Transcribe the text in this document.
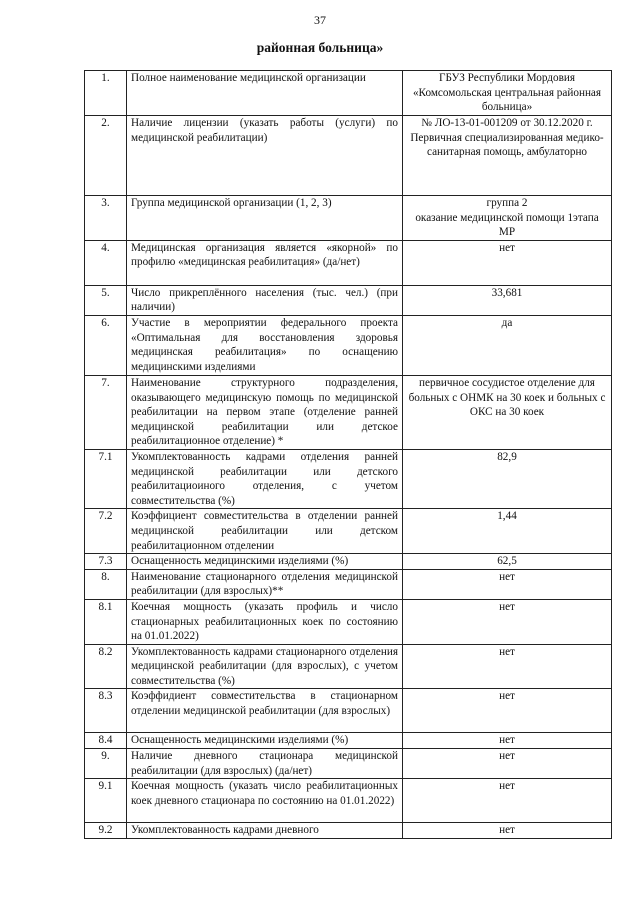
37
районная больница»
1.	Полное наименование медицинской организации	ГБУЗ Республики Мордовия «Комсомольская центральная районная больница»

2.	Наличие лицензии (указать работы (услуги) по медицинской реабилитации)	№ ЛО-13-01-001209 от 30.12.2020 г.
Первичная специализированная медико-санитарная помощь, амбулаторно

3.	Группа медицинской организации (1, 2, 3)	группа 2
оказание медицинской помощи 1этапа МР

4.	Медицинская организация является «якорной» по профилю «медицинская реабилитация» (да/нет)	нет

5.	Число прикреплённого населения (тыс. чел.) (при наличии)	33,681

6.	Участие в мероприятии федерального проекта «Оптимальная для восстановления здоровья медицинская реабилитация» по оснащению медицинскими изделиями	да

7.	Наименование структурного подразделения, оказывающего медицинскую помощь по медицинской реабилитации на первом этапе (отделение ранней медицинской реабилитации или детское реабилитационное отделение) *	первичное сосудистое отделение для больных с ОНМК на 30 коек и больных с ОКС на 30 коек

7.1	Укомплектованность кадрами отделения ранней медицинской реабилитации или детского реабилитациоиного отделения, с учетом совместительства (%)	82,9

7.2	Коэффициент совместительства в отделении ранней медицинской реабилитации или детском реабилитационном отделении	1,44

7.3	Оснащенность медицинскими изделиями (%)	62,5

8.	Наименование стационарного отделения медицинской реабилитации (для взрослых)**	нет

8.1	Коечная мощность (указать профиль и число стационарных реабилитационных коек по состоянию на 01.01.2022)	нет

8.2	Укомплектованность кадрами стационарного отделения медицинской реабилитации (для взрослых), с учетом совместительства (%)	нет

8.3	Коэффидиент совместительства в стационарном отделении медицинской реабилитации (для взрослых)	нет

8.4	Оснащенность медицинскими изделиями (%)	нет

9.	Наличие дневного стационара медицинской реабилитации (для взрослых) (да/нет)	нет

9.1	Коечная мощность (указать число реабилитационных коек дневного стационара по состоянию на 01.01.2022)	нет

9.2	Укомплектованность кадрами дневного	нет
